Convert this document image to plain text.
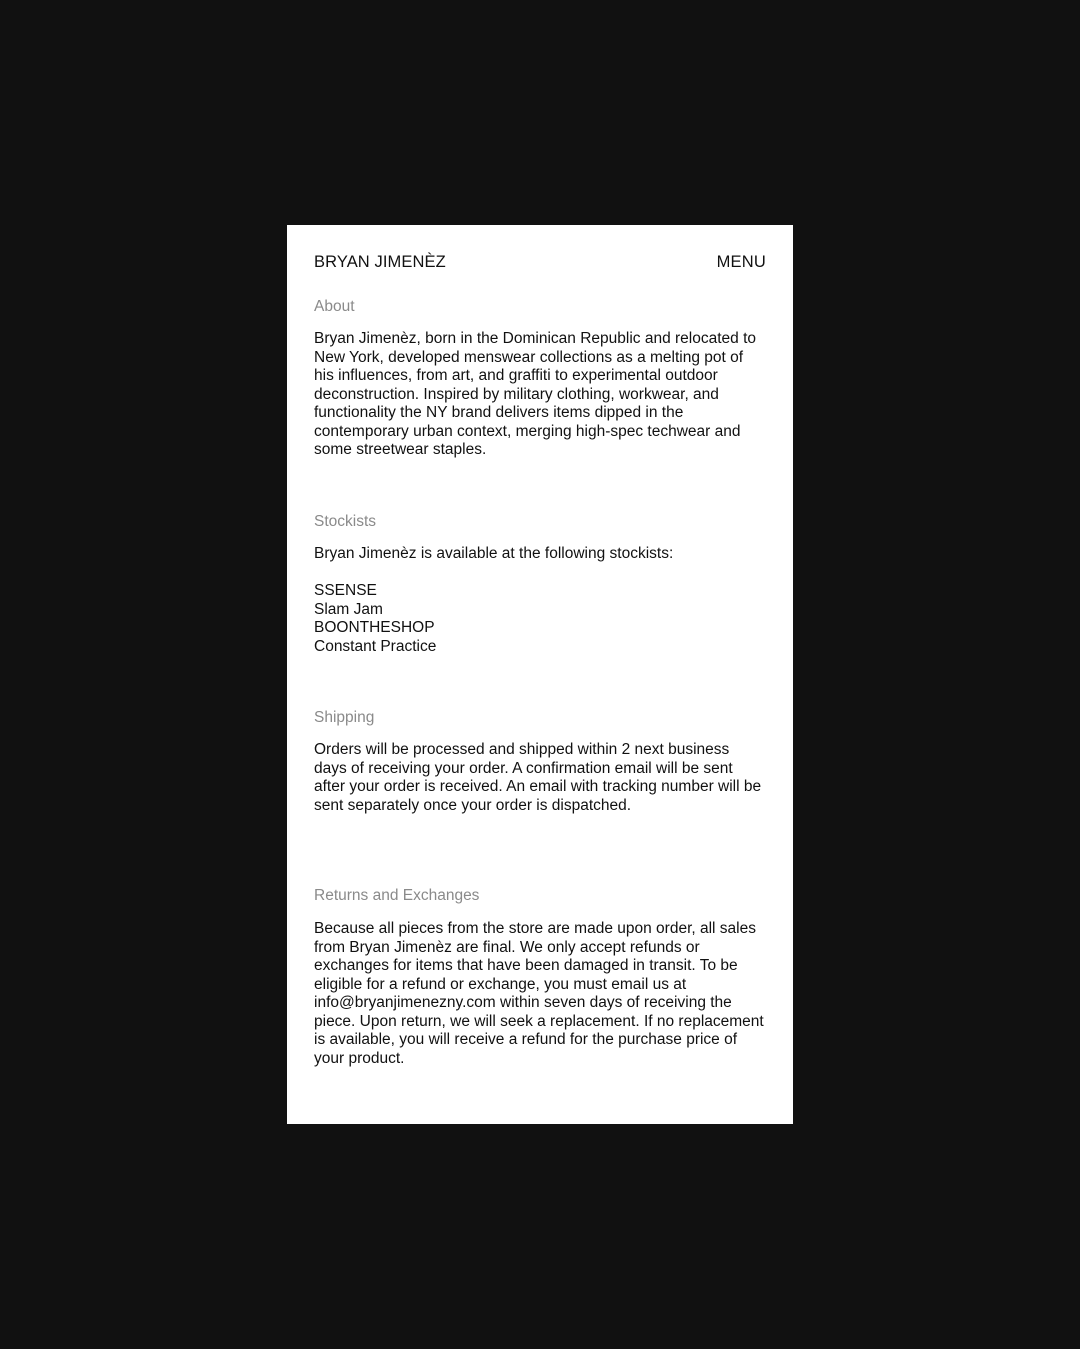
BRYAN JIMENÈZ	MENU
About

Bryan Jimenèz, born in the Dominican Republic and relocated to New York, developed menswear collections as a melting pot of his influences, from art, and graffiti to experimental outdoor deconstruction. Inspired by military clothing, workwear, and functionality the NY brand delivers items dipped in the contemporary urban context, merging high-spec techwear and some streetwear staples.

Stockists

Bryan Jimenèz is available at the following stockists:

SSENSE
Slam Jam
BOONTHESHOP
Constant Practice
Shipping

Orders will be processed and shipped within 2 next business days of receiving your order. A confirmation email will be sent after your order is received. An email with tracking number will be sent separately once your order is dispatched.

Returns and Exchanges

Because all pieces from the store are made upon order, all sales from Bryan Jimenèz are final. We only accept refunds or exchanges for items that have been damaged in transit. To be eligible for a refund or exchange, you must email us at info@bryanjimenezny.com within seven days of receiving the piece. Upon return, we will seek a replacement. If no replacement is available, you will receive a refund for the purchase price of your product.
